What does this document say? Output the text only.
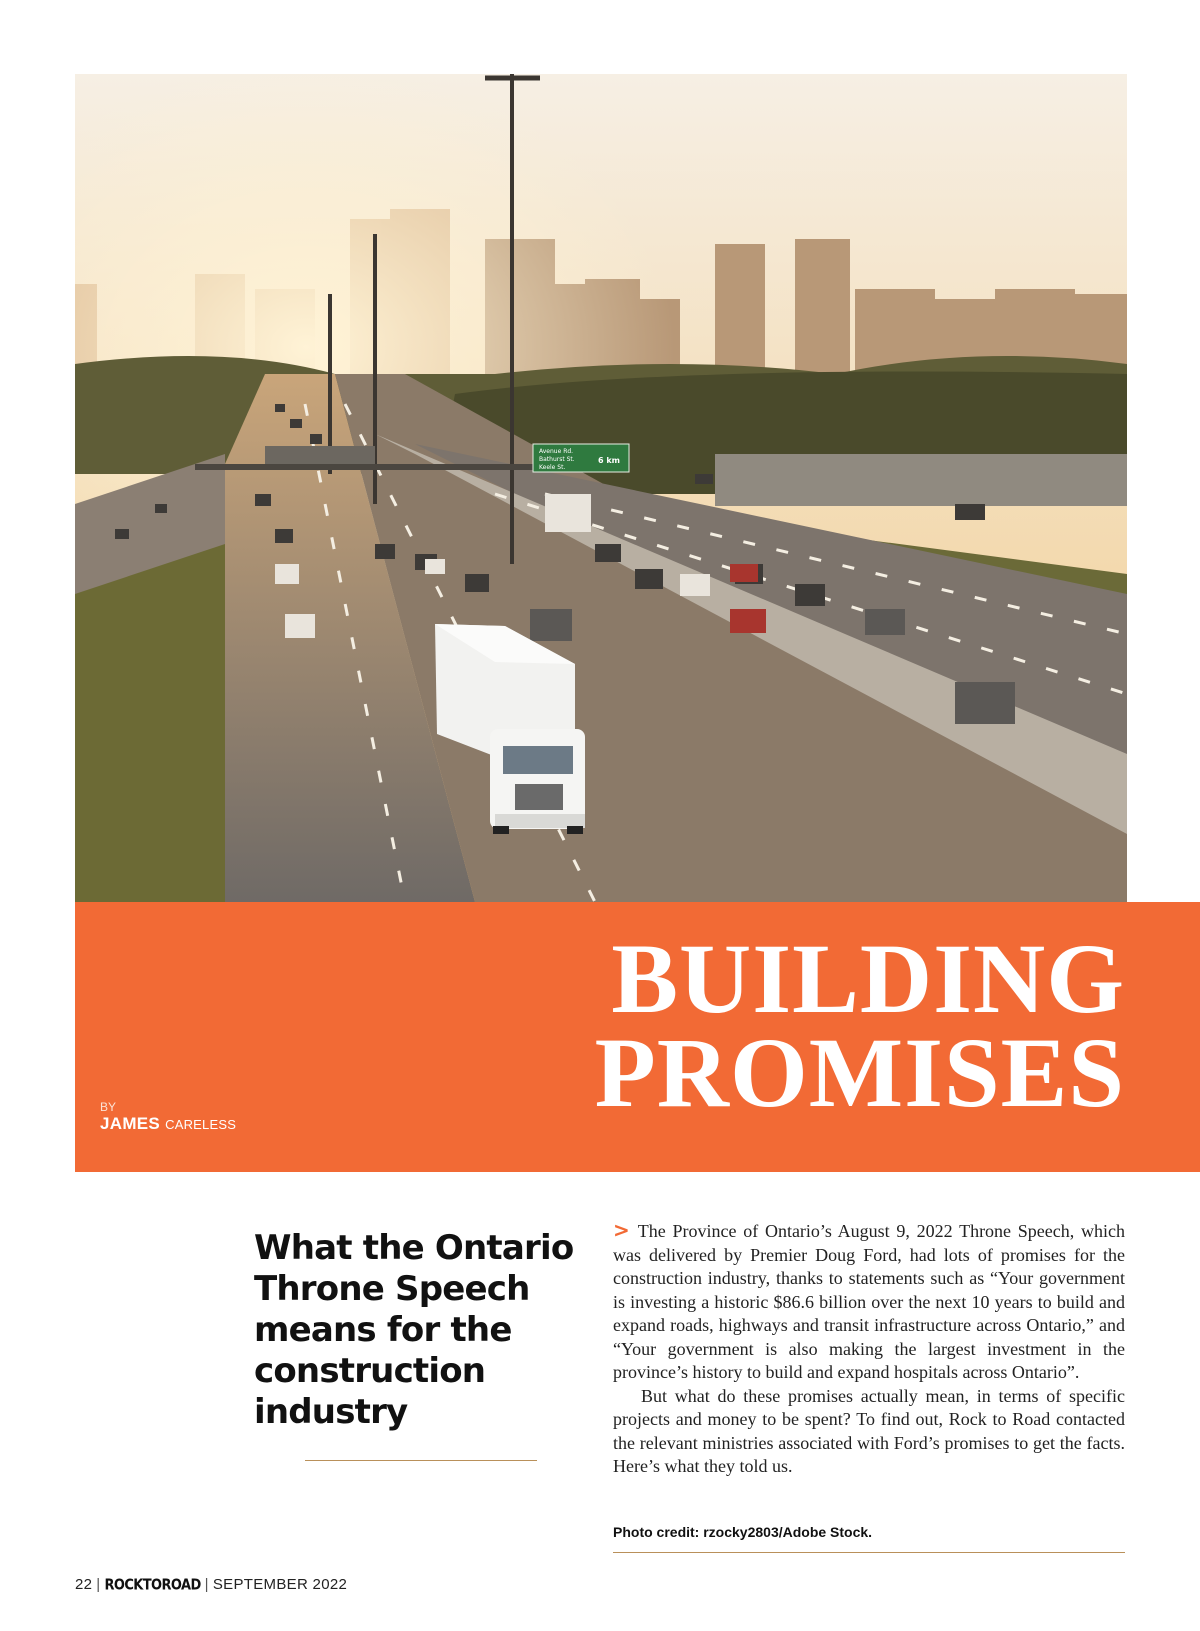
Avenue Rd.
Bathurst St.
Keele St.
6 km
BY
JAMES CARELESS
BUILDING
PROMISES
What the Ontario Throne Speech means for the construction industry

> The Province of Ontario’s August 9, 2022 Throne Speech, which was delivered by Premier Doug Ford, had lots of promises for the construction industry, thanks to statements such as “Your government is investing a historic $86.6 billion over the next 10 years to build and expand roads, highways and transit infrastructure across Ontario,” and “Your government is also making the largest investment in the province’s history to build and expand hospitals across Ontario”.

But what do these promises actually mean, in terms of specific projects and money to be spent? To find out, Rock to Road contacted the relevant ministries associated with Ford’s promises to get the facts. Here’s what they told us.

Photo credit: rzocky2803/Adobe Stock.
22 | ROCKTOROAD | SEPTEMBER 2022
